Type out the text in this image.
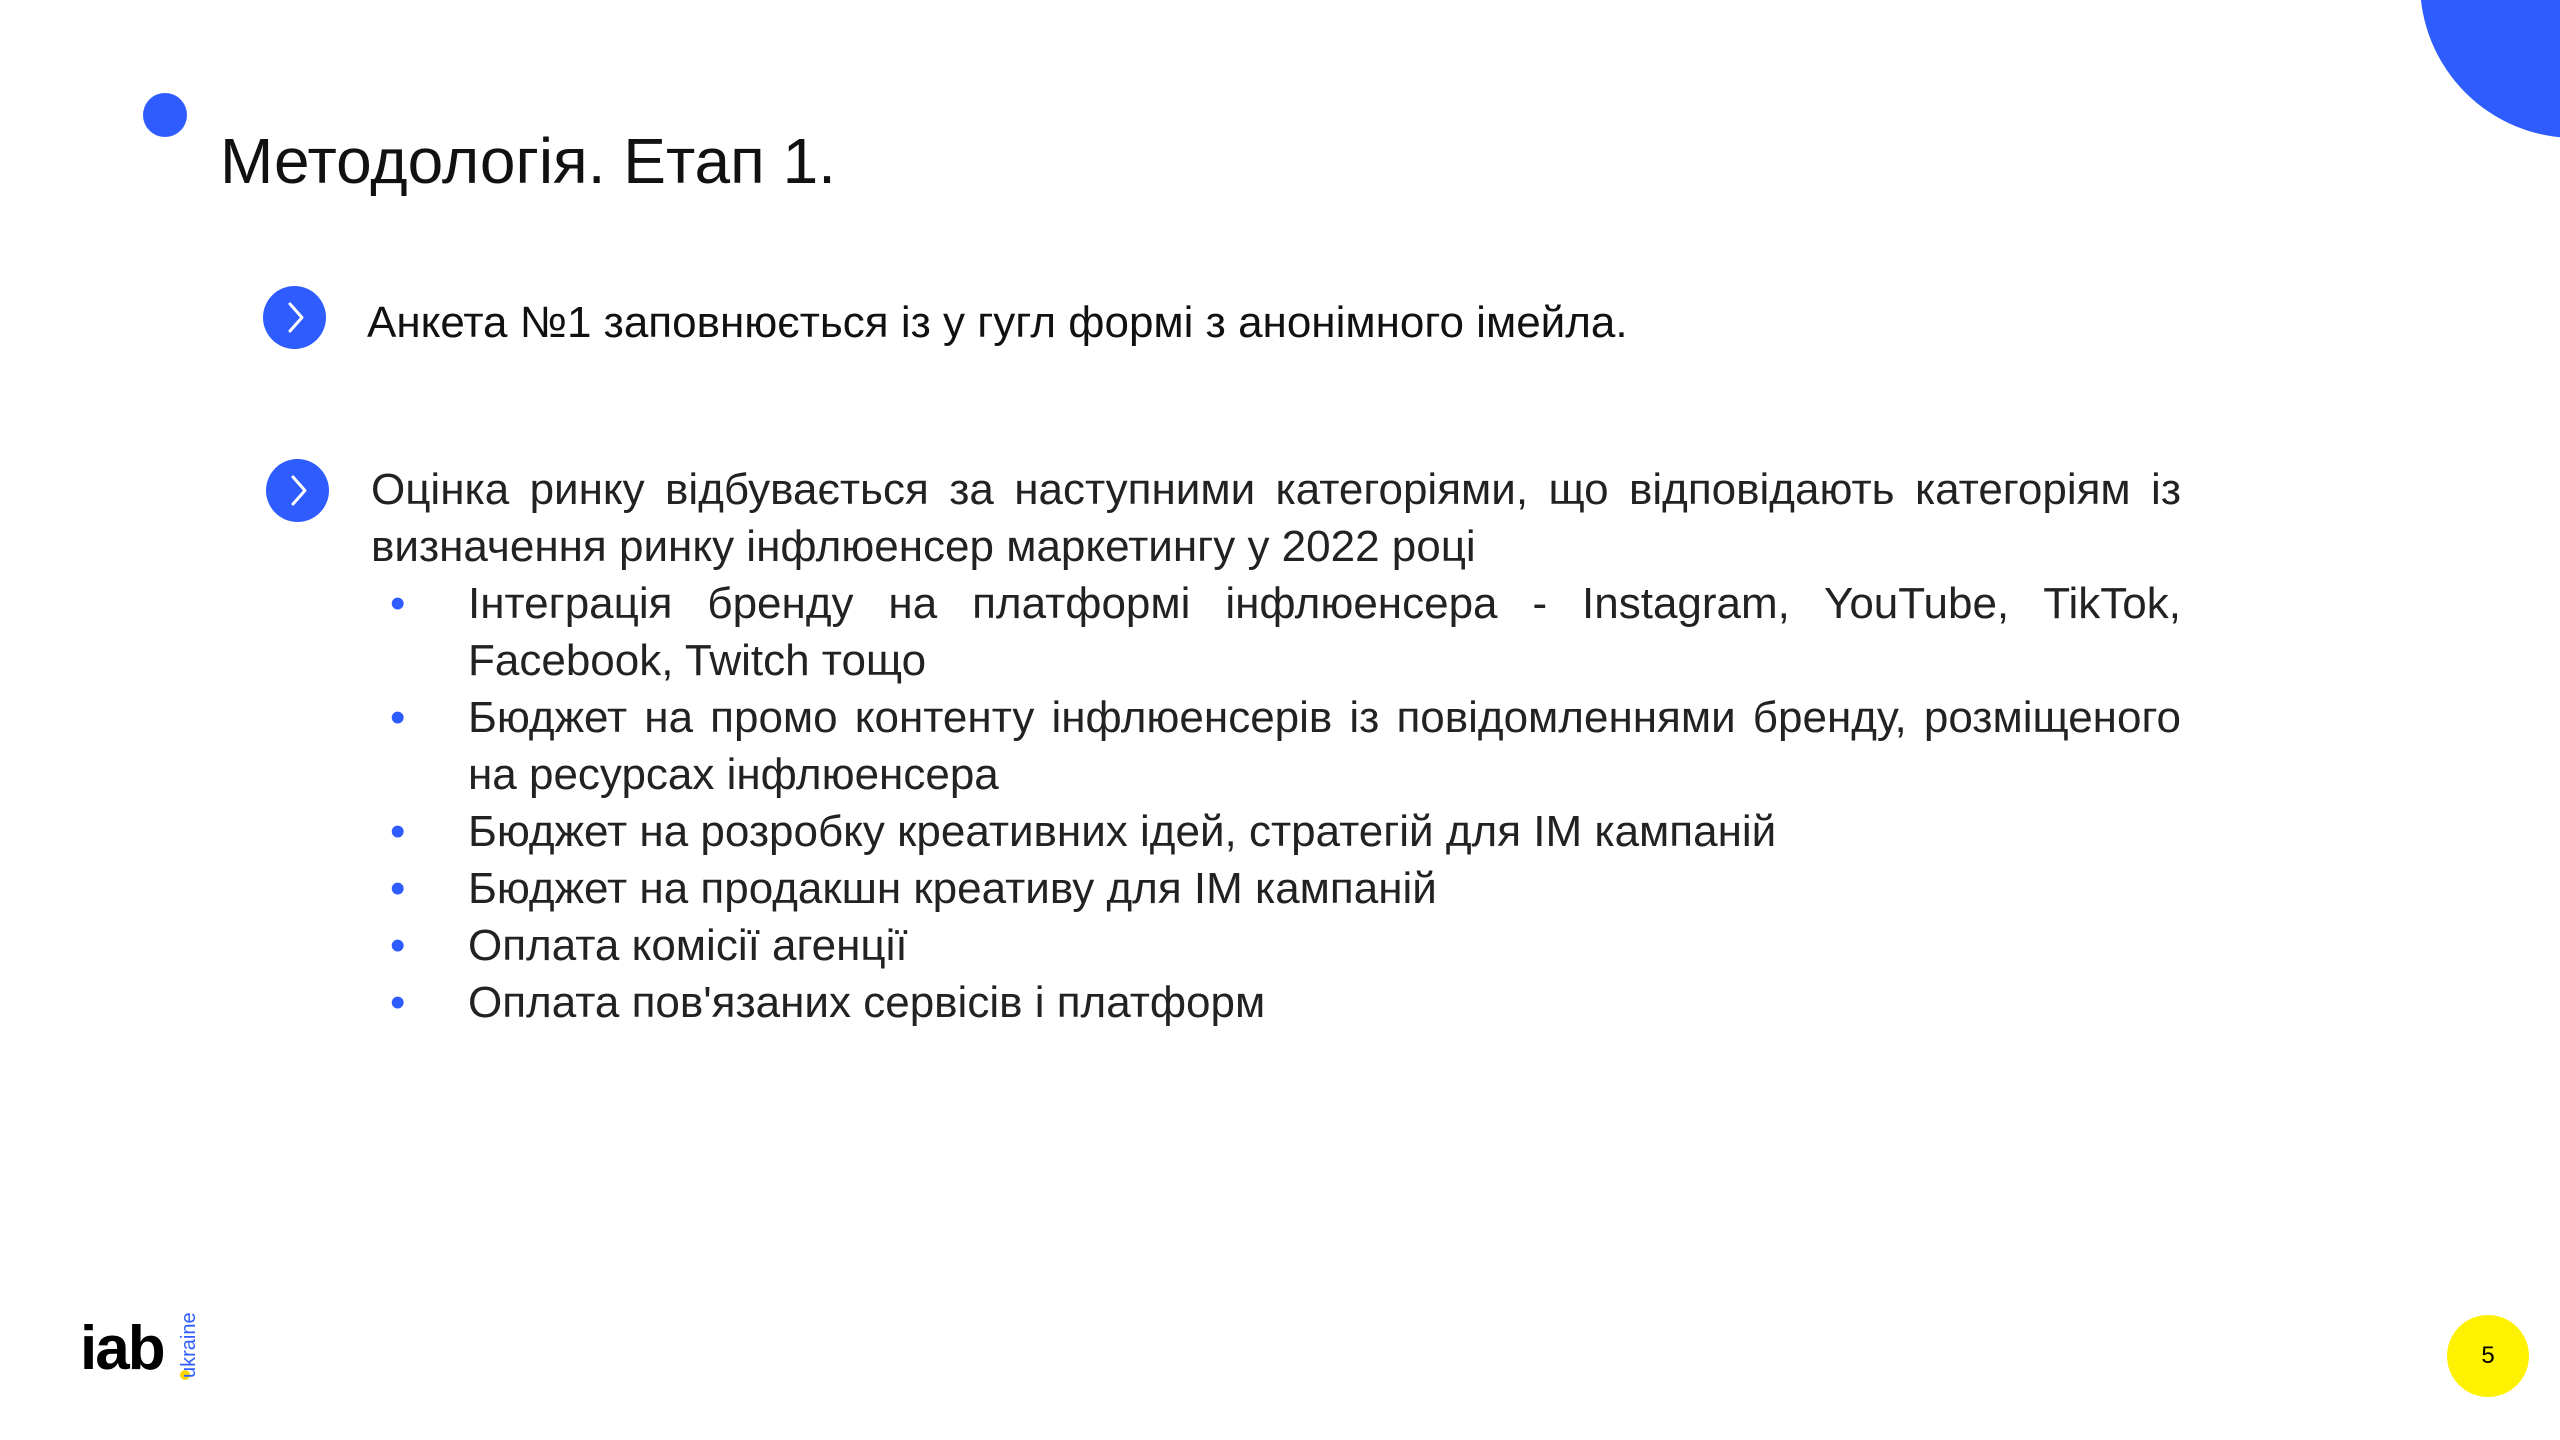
Методологія. Етап 1.
Анкета №1 заповнюється із у гугл формі з анонімного імейла.
Оцінка ринку відбувається за наступними категоріями, що відповідають категоріям із визначення ринку інфлюенсер маркетингу у 2022 році
•	Інтеграція бренду на платформі інфлюенсера - Instagram, YouTube, TikTok, Facebook, Twitch тощо
•	Бюджет на промо контенту інфлюенсерів із повідомленнями бренду, розміщеного на ресурсах інфлюенсера
•	Бюджет на розробку креативних ідей, стратегій для ІМ кампаній
•	Бюджет на продакшн креативу для ІМ кампаній
•	Оплата комісії агенції
•	Оплата пов'язаних сервісів і платформ
iab ukraine	5
